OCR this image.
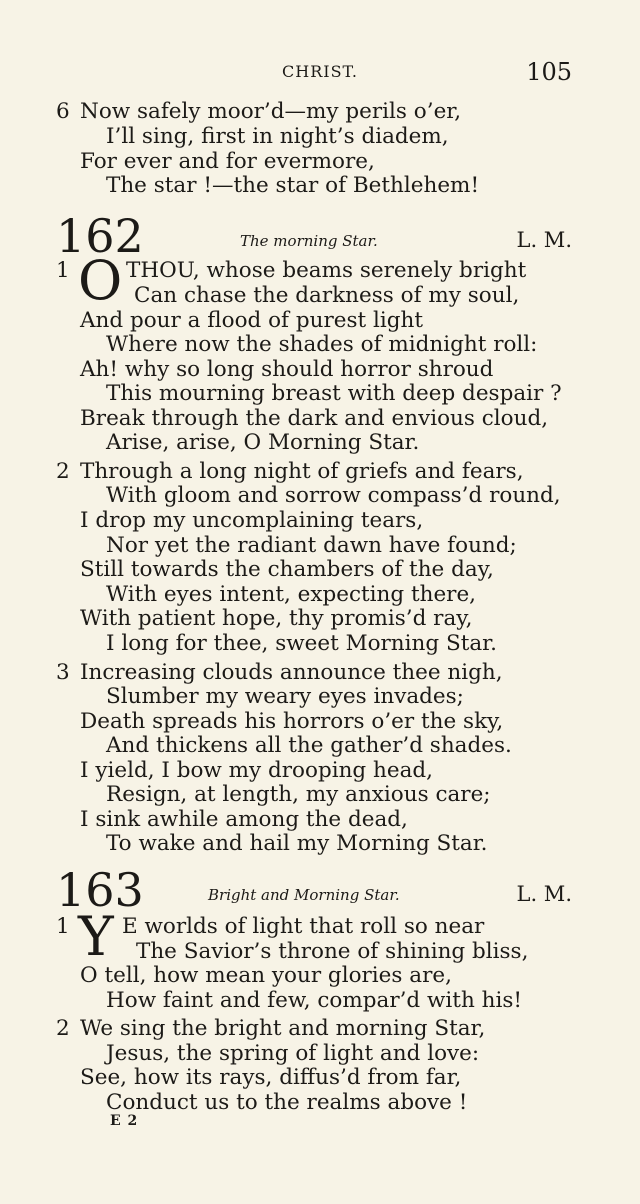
CHRIST.	105
6 Now safely moor’d—my perils o’er,
I’ll sing, first in night’s diadem,
For ever and for evermore,
The star !—the star of Bethlehem!
162	The morning Star.	L. M.
1 O THOU, whose beams serenely bright
Can chase the darkness of my soul,
And pour a flood of purest light
Where now the shades of midnight roll:
Ah! why so long should horror shroud
This mourning breast with deep despair ?
Break through the dark and envious cloud,
Arise, arise, O Morning Star.
2 Through a long night of griefs and fears,
With gloom and sorrow compass’d round,
I drop my uncomplaining tears,
Nor yet the radiant dawn have found;
Still towards the chambers of the day,
With eyes intent, expecting there,
With patient hope, thy promis’d ray,
I long for thee, sweet Morning Star.
3 Increasing clouds announce thee nigh,
Slumber my weary eyes invades;
Death spreads his horrors o’er the sky,
And thickens all the gather’d shades.
I yield, I bow my drooping head,
Resign, at length, my anxious care;
I sink awhile among the dead,
To wake and hail my Morning Star.
163	Bright and Morning Star.	L. M.
1 Y E worlds of light that roll so near
The Savior’s throne of shining bliss,
O tell, how mean your glories are,
How faint and few, compar’d with his!
2 We sing the bright and morning Star,
Jesus, the spring of light and love:
See, how its rays, diffus’d from far,
Conduct us to the realms above !
E 2
